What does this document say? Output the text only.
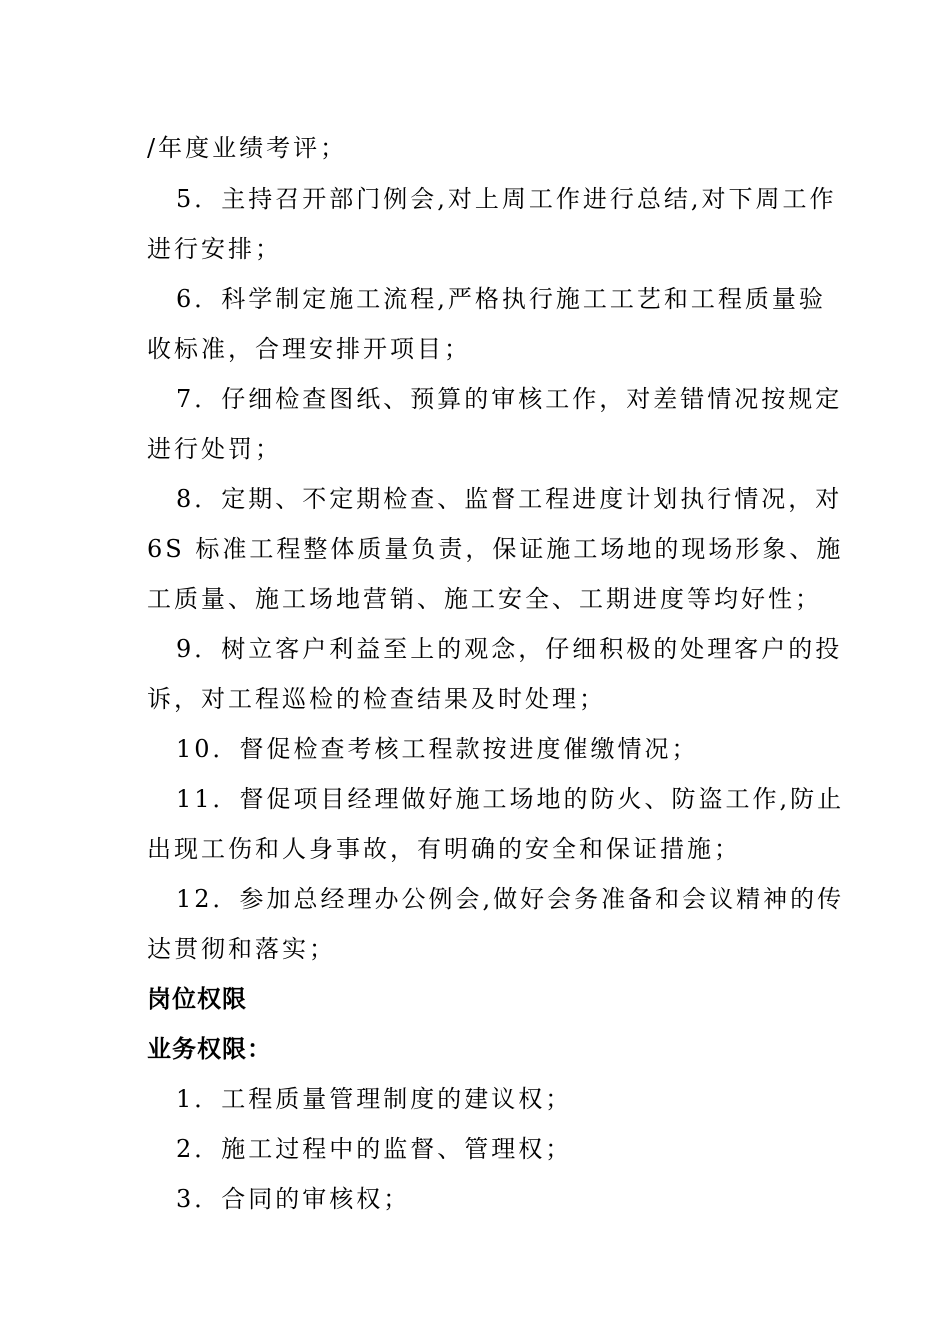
/年度业绩考评；
5．主持召开部门例会,对上周工作进行总结,对下周工作
进行安排；
6．科学制定施工流程,严格执行施工工艺和工程质量验
收标准，合理安排开项目；
7．仔细检查图纸、预算的审核工作，对差错情况按规定
进行处罚；
8．定期、不定期检查、监督工程进度计划执行情况，对
6S 标准工程整体质量负责，保证施工场地的现场形象、施
工质量、施工场地营销、施工安全、工期进度等均好性；
9．树立客户利益至上的观念，仔细积极的处理客户的投
诉，对工程巡检的检查结果及时处理；
10．督促检查考核工程款按进度催缴情况；
11．督促项目经理做好施工场地的防火、防盗工作,防止
出现工伤和人身事故，有明确的安全和保证措施；
12．参加总经理办公例会,做好会务准备和会议精神的传
达贯彻和落实；
岗位权限
业务权限：
1．工程质量管理制度的建议权；
2．施工过程中的监督、管理权；
3．合同的审核权；
